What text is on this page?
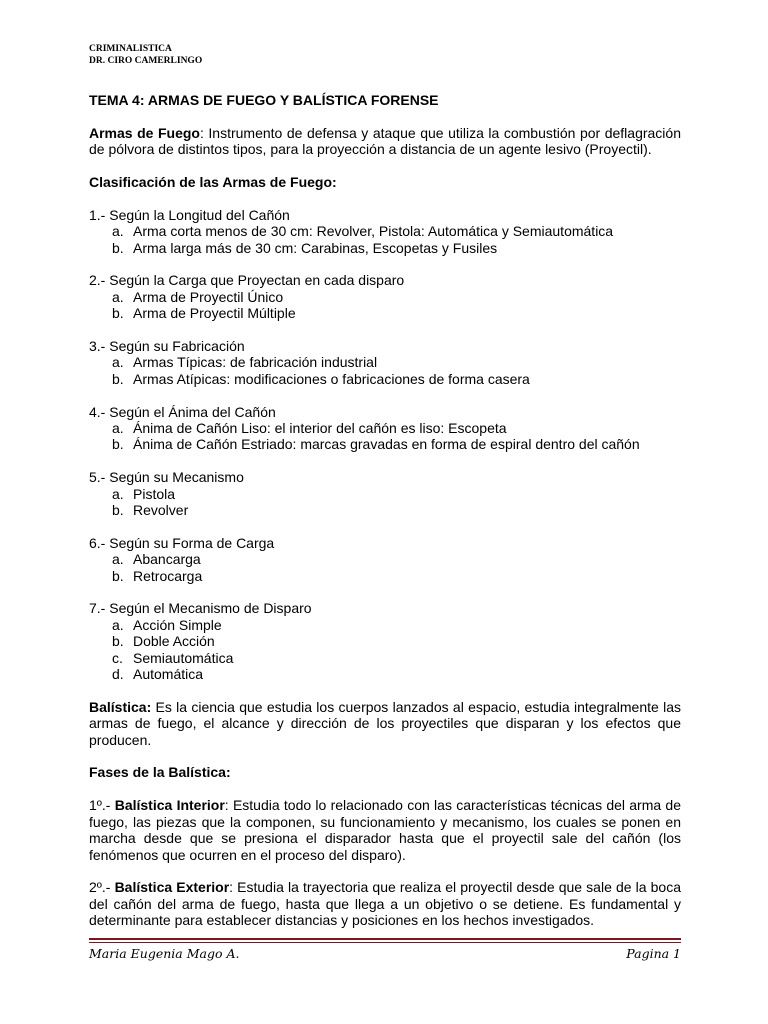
CRIMINALISTICA
DR. CIRO CAMERLINGO
TEMA 4: ARMAS DE FUEGO Y BALÍSTICA FORENSE

Armas de Fuego: Instrumento de defensa y ataque que utiliza la combustión por deflagración de pólvora de distintos tipos, para la proyección a distancia de un agente lesivo (Proyectil).

Clasificación de las Armas de Fuego:

1.- Según la Longitud del Cañón
a. Arma corta menos de 30 cm: Revolver, Pistola: Automática y Semiautomática
b. Arma larga más de 30 cm: Carabinas, Escopetas y Fusiles
2.- Según la Carga que Proyectan en cada disparo
a. Arma de Proyectil Único
b. Arma de Proyectil Múltiple
3.- Según su Fabricación
a. Armas Típicas: de fabricación industrial
b. Armas Atípicas: modificaciones o fabricaciones de forma casera
4.- Según el Ánima del Cañón
a. Ánima de Cañón Liso: el interior del cañón es liso: Escopeta
b. Ánima de Cañón Estriado: marcas gravadas en forma de espiral dentro del cañón
5.- Según su Mecanismo
a. Pistola
b. Revolver
6.- Según su Forma de Carga
a. Abancarga
b. Retrocarga
7.- Según el Mecanismo de Disparo
a. Acción Simple
b. Doble Acción
c. Semiautomática
d. Automática

Balística: Es la ciencia que estudia los cuerpos lanzados al espacio, estudia integralmente las armas de fuego, el alcance y dirección de los proyectiles que disparan y los efectos que producen.

Fases de la Balística:

1º.- Balística Interior: Estudia todo lo relacionado con las características técnicas del arma de fuego, las piezas que la componen, su funcionamiento y mecanismo, los cuales se ponen en marcha desde que se presiona el disparador hasta que el proyectil sale del cañón (los fenómenos que ocurren en el proceso del disparo).

2º.- Balística Exterior: Estudia la trayectoria que realiza el proyectil desde que sale de la boca del cañón del arma de fuego, hasta que llega a un objetivo o se detiene. Es fundamental y determinante para establecer distancias y posiciones en los hechos investigados.

Maria Eugenia Mago A.	Pagina 1
